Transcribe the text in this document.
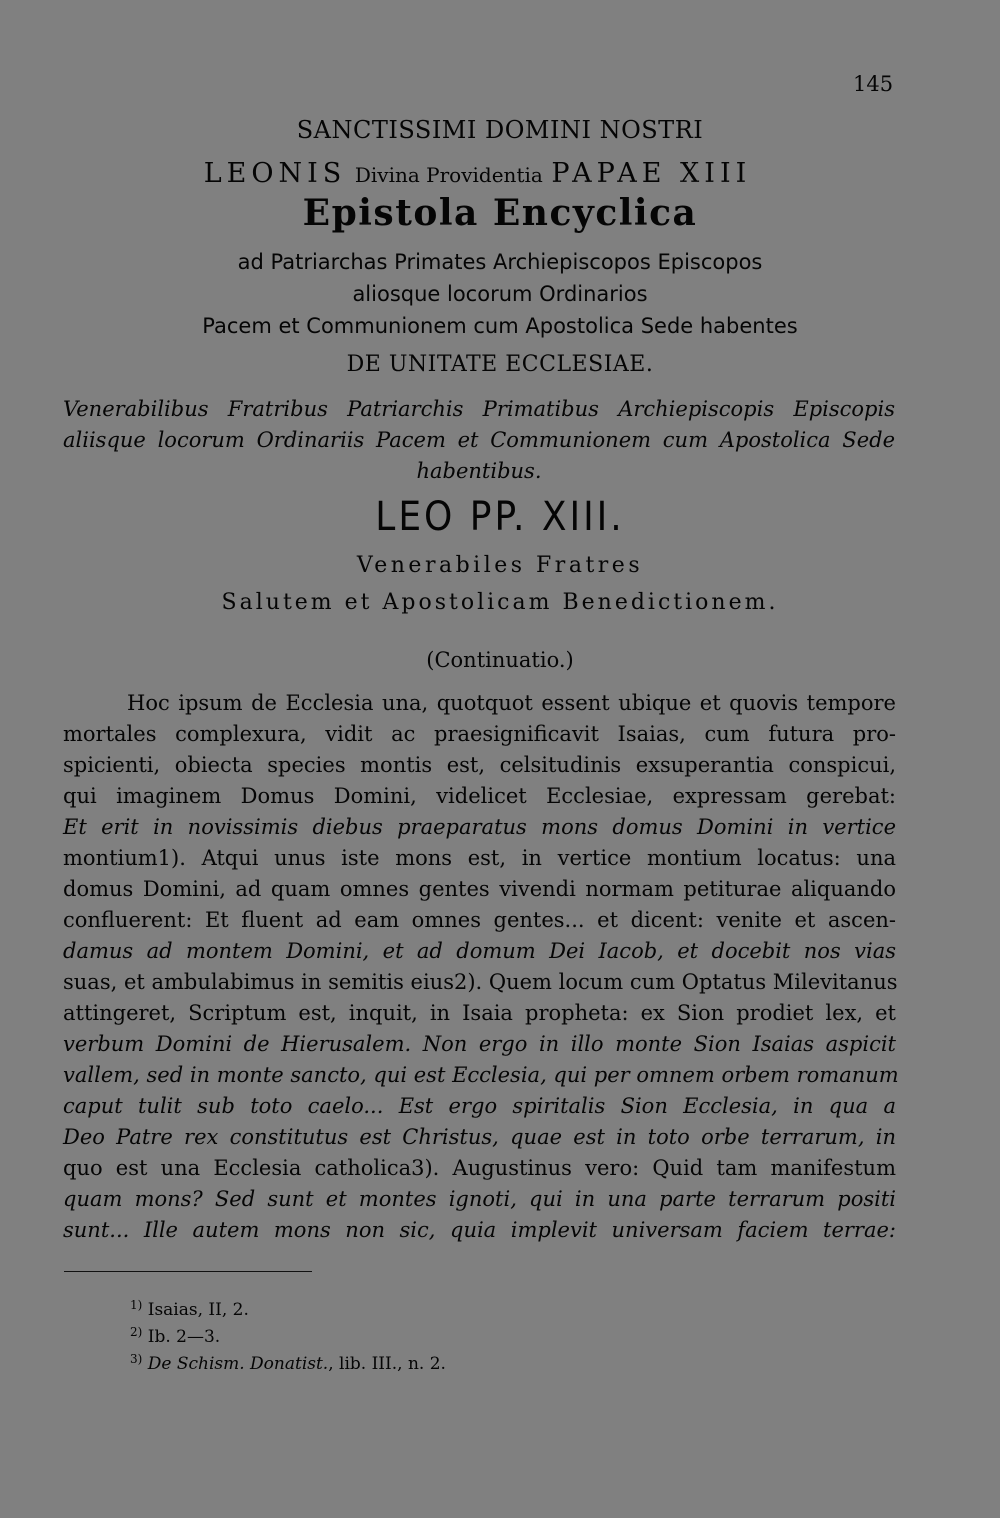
145
SANCTISSIMI DOMINI NOSTRI
LEONIS Divina Providentia PAPAE XIII
Epistola Encyclica
ad Patriarchas Primates Archiepiscopos Episcopos
aliosque locorum Ordinarios
Pacem et Communionem cum Apostolica Sede habentes
DE UNITATE ECCLESIAE.
Venerabilibus Fratribus Patriarchis Primatibus Archiepiscopis Episcopis
aliisque locorum Ordinariis Pacem et Communionem cum Apostolica Sede
habentibus.
LEO PP. XIII.
Venerabiles Fratres
Salutem et Apostolicam Benedictionem.
(Continuatio.)
Hoc ipsum de Ecclesia una, quotquot essent ubique et quovis tempore
mortales complexura, vidit ac praesignificavit Isaias, cum futura pro-
spicienti, obiecta species montis est, celsitudinis exsuperantia conspicui,
qui imaginem Domus Domini, videlicet Ecclesiae, expressam gerebat:
Et erit in novissimis diebus praeparatus mons domus Domini in vertice
montium1). Atqui unus iste mons est, in vertice montium locatus: una
domus Domini, ad quam omnes gentes vivendi normam petiturae aliquando
confluerent: Et fluent ad eam omnes gentes... et dicent: venite et ascen-
damus ad montem Domini, et ad domum Dei Iacob, et docebit nos vias
suas, et ambulabimus in semitis eius2). Quem locum cum Optatus Milevitanus
attingeret, Scriptum est, inquit, in Isaia propheta: ex Sion prodiet lex, et
verbum Domini de Hierusalem. Non ergo in illo monte Sion Isaias aspicit
vallem, sed in monte sancto, qui est Ecclesia, qui per omnem orbem romanum
caput tulit sub toto caelo... Est ergo spiritalis Sion Ecclesia, in qua a
Deo Patre rex constitutus est Christus, quae est in toto orbe terrarum, in
quo est una Ecclesia catholica3). Augustinus vero: Quid tam manifestum
quam mons? Sed sunt et montes ignoti, qui in una parte terrarum positi
sunt... Ille autem mons non sic, quia implevit universam faciem terrae:
$^{1)}$ Isaias, II, 2.
$^{2)}$ Ib. 2—3.
$^{3)}$ De Schism. Donatist., lib. III., n. 2.
